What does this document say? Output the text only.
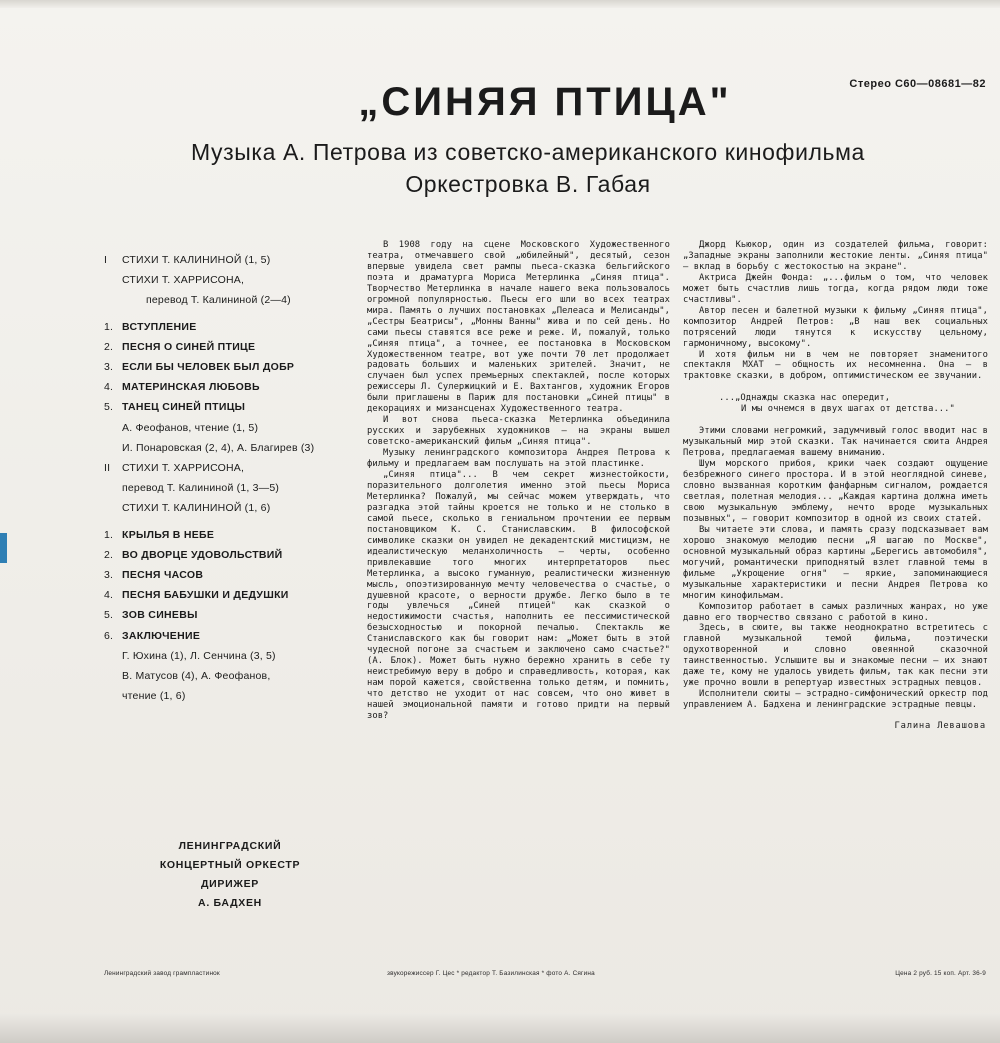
„СИНЯЯ ПТИЦА"	Стерео С60—08681—82
Музыка А. Петрова из советско-американского кинофильма
Оркестровка В. Габая
I СТИХИ Т. КАЛИНИНОЙ (1, 5)
СТИХИ Т. ХАРРИСОНА,
перевод Т. Калининой (2—4)
1. ВСТУПЛЕНИЕ
2. ПЕСНЯ О СИНЕЙ ПТИЦЕ
3. ЕСЛИ БЫ ЧЕЛОВЕК БЫЛ ДОБР
4. МАТЕРИНСКАЯ ЛЮБОВЬ
5. ТАНЕЦ СИНЕЙ ПТИЦЫ
А. Феофанов, чтение (1, 5)
И. Понаровская (2, 4), А. Благирев (3)
II СТИХИ Т. ХАРРИСОНА,
перевод Т. Калининой (1, 3—5)
СТИХИ Т. КАЛИНИНОЙ (1, 6)
1. КРЫЛЬЯ В НЕБЕ
2. ВО ДВОРЦЕ УДОВОЛЬСТВИЙ
3. ПЕСНЯ ЧАСОВ
4. ПЕСНЯ БАБУШКИ И ДЕДУШКИ
5. ЗОВ СИНЕВЫ
6. ЗАКЛЮЧЕНИЕ
Г. Юхина (1), Л. Сенчина (3, 5)
В. Матусов (4), А. Феофанов,
чтение (1, 6)
ЛЕНИНГРАДСКИЙ
КОНЦЕРТНЫЙ ОРКЕСТР
ДИРИЖЕР
А. БАДХЕН

В 1908 году на сцене Московского Художественного театра, отмечавшего свой „юбилейный", десятый, сезон впервые увидела свет рампы пьеса-сказка бельгийского поэта и драматурга Мориса Метерлинка „Синяя птица". Творчество Метерлинка в начале нашего века пользовалось огромной популярностью. Пьесы его шли во всех театрах мира. Память о лучших постановках „Пелеаса и Мелисанды", „Сестры Беатрисы", „Монны Ванны" жива и по сей день. Но сами пьесы ставятся все реже и реже. И, пожалуй, только „Синяя птица", а точнее, ее постановка в Московском Художественном театре, вот уже почти 70 лет продолжает радовать больших и маленьких зрителей. Значит, не случаен был успех премьерных спектаклей, после которых режиссеры Л. Сулержицкий и Е. Вахтангов, художник Егоров были приглашены в Париж для постановки „Синей птицы" в декорациях и мизансценах Художественного театра.

И вот снова пьеса-сказка Метерлинка объединила русских и зарубежных художников — на экраны вышел советско-американский фильм „Синяя птица".

Музыку ленинградского композитора Андрея Петрова к фильму и предлагаем вам послушать на этой пластинке.

„Синяя птица"... В чем секрет жизнестойкости, поразительного долголетия именно этой пьесы Мориса Метерлинка? Пожалуй, мы сейчас можем утверждать, что разгадка этой тайны кроется не только и не столько в самой пьесе, сколько в гениальном прочтении ее первым постановщиком К. С. Станиславским. В философской символике сказки он увидел не декадентский мистицизм, не идеалистическую меланхоличность — черты, особенно привлекавшие того многих интерпретаторов пьес Метерлинка, а высоко гуманную, реалистически жизненную мысль, опоэтизированную мечту человечества о счастье, о душевной красоте, о верности дружбе. Легко было в те годы увлечься „Синей птицей" как сказкой о недостижимости счастья, наполнить ее пессимистической безысходностью и покорной печалью. Спектакль же Станиславского как бы говорит нам: „Может быть в этой чудесной погоне за счастьем и заключено само счастье?" (А. Блок). Может быть нужно бережно хранить в себе ту неистребимую веру в добро и справедливость, которая, как нам порой кажется, свойственна только детям, и помнить, что детство не уходит от нас совсем, что оно живет в нашей эмоциональной памяти и готово придти на первый зов?

Джорд Кьюкор, один из создателей фильма, говорит: „Западные экраны заполнили жестокие ленты. „Синяя птица" — вклад в борьбу с жестокостью на экране".

Актриса Джейн Фонда: „...фильм о том, что человек может быть счастлив лишь тогда, когда рядом люди тоже счастливы".

Автор песен и балетной музыки к фильму „Синяя птица", композитор Андрей Петров: „В наш век социальных потрясений люди тянутся к искусству цельному, гармоничному, высокому".

И хотя фильм ни в чем не повторяет знаменитого спектакля МХАТ — общность их несомненна. Она — в трактовке сказки, в добром, оптимистическом ее звучании.

...„Однажды сказка нас опередит,

И мы очнемся в двух шагах от детства..."

Этими словами негромкий, задумчивый голос вводит нас в музыкальный мир этой сказки. Так начинается сюита Андрея Петрова, предлагаемая вашему вниманию.

Шум морского прибоя, крики чаек создают ощущение безбрежного синего простора. И в этой неоглядной синеве, словно вызванная коротким фанфарным сигналом, рождается светлая, полетная мелодия... „Каждая картина должна иметь свою музыкальную эмблему, нечто вроде музыкальных позывных", — говорит композитор в одной из своих статей.

Вы читаете эти слова, и память сразу подсказывает вам хорошо знакомую мелодию песни „Я шагаю по Москве", основной музыкальный образ картины „Берегись автомобиля", могучий, романтически приподнятый взлет главной темы в фильме „Укрощение огня" — яркие, запоминающиеся музыкальные характеристики и песни Андрея Петрова ко многим кинофильмам.

Композитор работает в самых различных жанрах, но уже давно его творчество связано с работой в кино.

Здесь, в сюите, вы также неоднократно встретитесь с главной музыкальной темой фильма, поэтически одухотворенной и словно овеянной сказочной таинственностью. Услышите вы и знакомые песни — их знают даже те, кому не удалось увидеть фильм, так как песни эти уже прочно вошли в репертуар известных эстрадных певцов.

Исполнители сюиты — эстрадно-симфонический оркестр под управлением А. Бадхена и ленинградские эстрадные певцы.

Галина Левашова
Ленинградский завод грампластинок	звукорежиссер Г. Цес * редактор Т. Базилинская * фото А. Сягина	Цена 2 руб. 15 коп. Арт. 36-9
